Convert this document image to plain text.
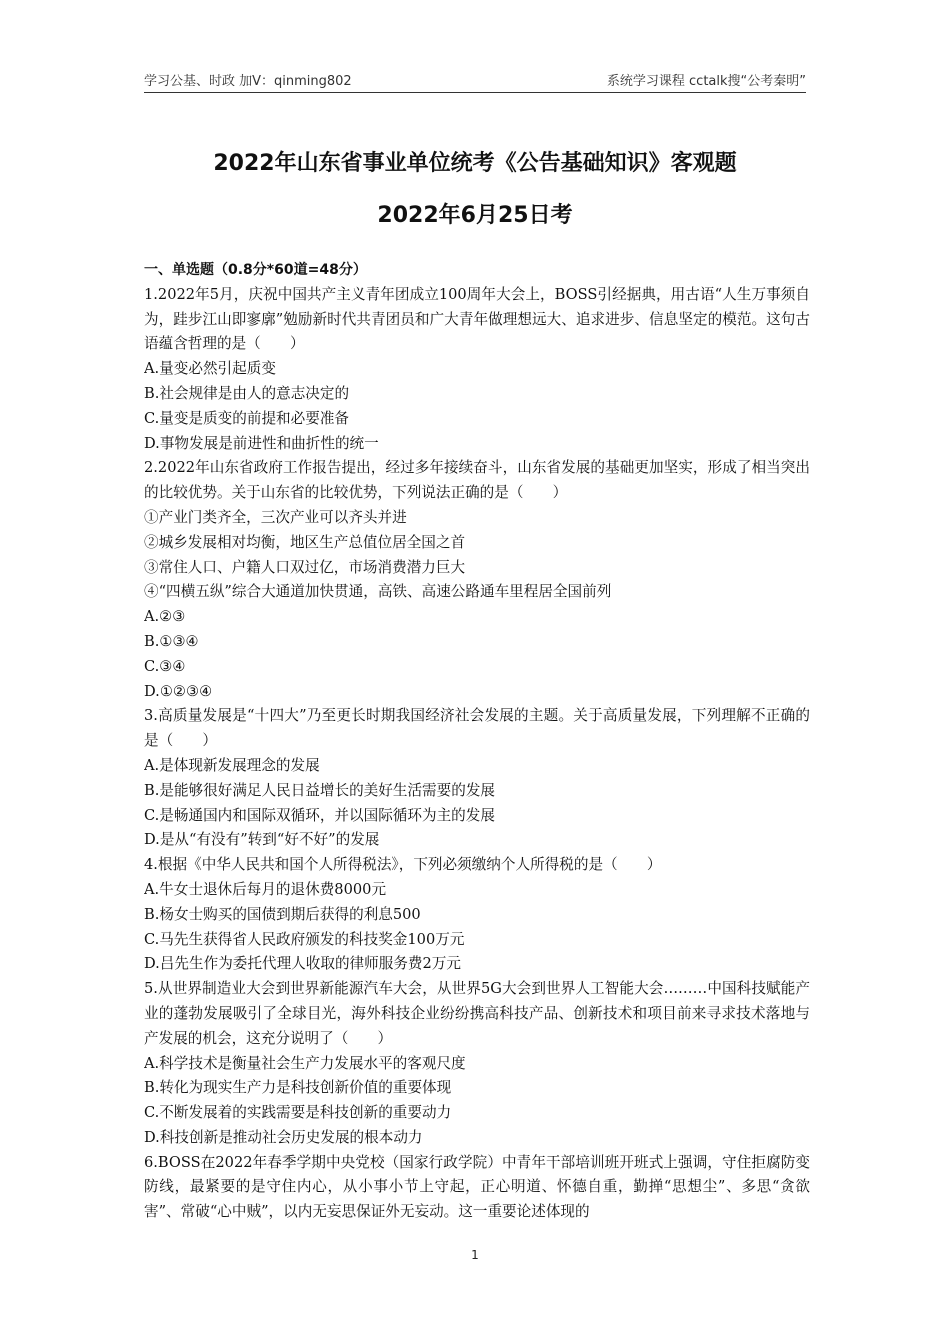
学习公基、时政 加V：qinming802	系统学习课程 cctalk搜“公考秦明”
2022年山东省事业单位统考《公告基础知识》客观题
2022年6月25日考
一、单选题（0.8分*60道=48分）
1.2022年5月，庆祝中国共产主义青年团成立100周年大会上，BOSS引经据典，用古语“人生万事须自为，跬步江山即寥廓”勉励新时代共青团员和广大青年做理想远大、追求进步、信息坚定的模范。这句古语蕴含哲理的是（　　）
A.量变必然引起质变
B.社会规律是由人的意志决定的
C.量变是质变的前提和必要准备
D.事物发展是前进性和曲折性的统一
2.2022年山东省政府工作报告提出，经过多年接续奋斗，山东省发展的基础更加坚实，形成了相当突出的比较优势。关于山东省的比较优势，下列说法正确的是（　　）
①产业门类齐全，三次产业可以齐头并进
②城乡发展相对均衡，地区生产总值位居全国之首
③常住人口、户籍人口双过亿，市场消费潜力巨大
④“四横五纵”综合大通道加快贯通，高铁、高速公路通车里程居全国前列
A.②③
B.①③④
C.③④
D.①②③④
3.高质量发展是“十四大”乃至更长时期我国经济社会发展的主题。关于高质量发展，下列理解不正确的是（　　）
A.是体现新发展理念的发展
B.是能够很好满足人民日益增长的美好生活需要的发展
C.是畅通国内和国际双循环，并以国际循环为主的发展
D.是从“有没有”转到“好不好”的发展
4.根据《中华人民共和国个人所得税法》，下列必须缴纳个人所得税的是（　　）
A.牛女士退休后每月的退休费8000元
B.杨女士购买的国债到期后获得的利息500
C.马先生获得省人民政府颁发的科技奖金100万元
D.吕先生作为委托代理人收取的律师服务费2万元
5.从世界制造业大会到世界新能源汽车大会，从世界5G大会到世界人工智能大会………中国科技赋能产业的蓬勃发展吸引了全球目光，海外科技企业纷纷携高科技产品、创新技术和项目前来寻求技术落地与产发展的机会，这充分说明了（　　）
A.科学技术是衡量社会生产力发展水平的客观尺度
B.转化为现实生产力是科技创新价值的重要体现
C.不断发展着的实践需要是科技创新的重要动力
D.科技创新是推动社会历史发展的根本动力
6.BOSS在2022年春季学期中央党校（国家行政学院）中青年干部培训班开班式上强调，守住拒腐防变防线，最紧要的是守住内心，从小事小节上守起，正心明道、怀德自重，勤掸“思想尘”、多思“贪欲害”、常破“心中贼”，以内无妄思保证外无妄动。这一重要论述体现的
1
